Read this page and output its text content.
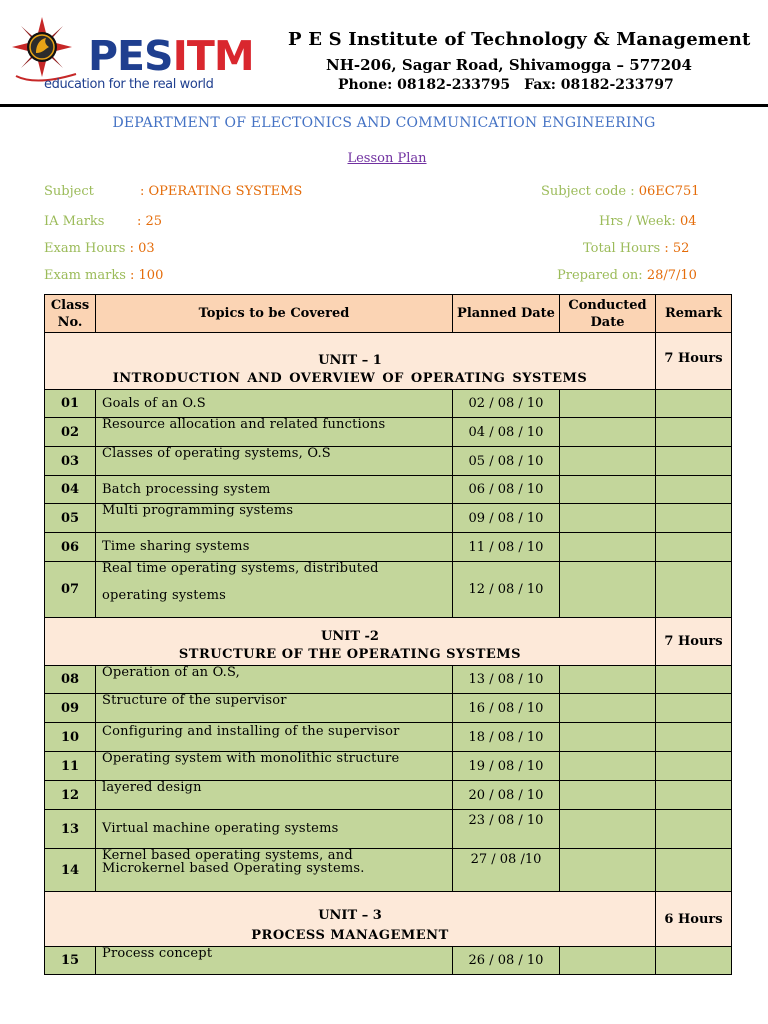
PESITM
education for the real world
P E S Institute of Technology & Management
NH-206, Sagar Road, Shivamogga – 577204
Phone: 08182-233795 Fax: 08182-233797
DEPARTMENT OF ELECTONICS AND COMMUNICATION ENGINEERING
Lesson Plan
Subject	: OPERATING SYSTEMS	Subject code : 06EC751
IA Marks	: 25	Hrs / Week: 04
Exam Hours : 03	Total Hours : 52
Exam marks : 100	Prepared on: 28/7/10
Class
No.	Topics to be Covered	Planned Date	Conducted
Date	Remark

UNIT – 1
INTRODUCTION AND OVERVIEW OF OPERATING SYSTEMS				7 Hours
01	Goals of an O.S	02 / 08 / 10		
02	Resource allocation and related functions	04 / 08 / 10		
03	Classes of operating systems, O.S	05 / 08 / 10		
04	Batch processing system	06 / 08 / 10		
05	Multi programming systems	09 / 08 / 10		
06	Time sharing systems	11 / 08 / 10		
07	Real time operating systems, distributed
operating systems	12 / 08 / 10		

UNIT -2
STRUCTURE OF THE OPERATING SYSTEMS				7 Hours
08	Operation of an O.S,	13 / 08 / 10		
09	Structure of the supervisor	16 / 08 / 10		
10	Configuring and installing of the supervisor	18 / 08 / 10		
11	Operating system with monolithic structure	19 / 08 / 10		
12	layered design	20 / 08 / 10		
13	Virtual machine operating systems	23 / 08 / 10		
14	Kernel based operating systems, and
Microkernel based Operating systems.	27 / 08 /10		

UNIT – 3
PROCESS MANAGEMENT				6 Hours
15	Process concept	26 / 08 / 10		
